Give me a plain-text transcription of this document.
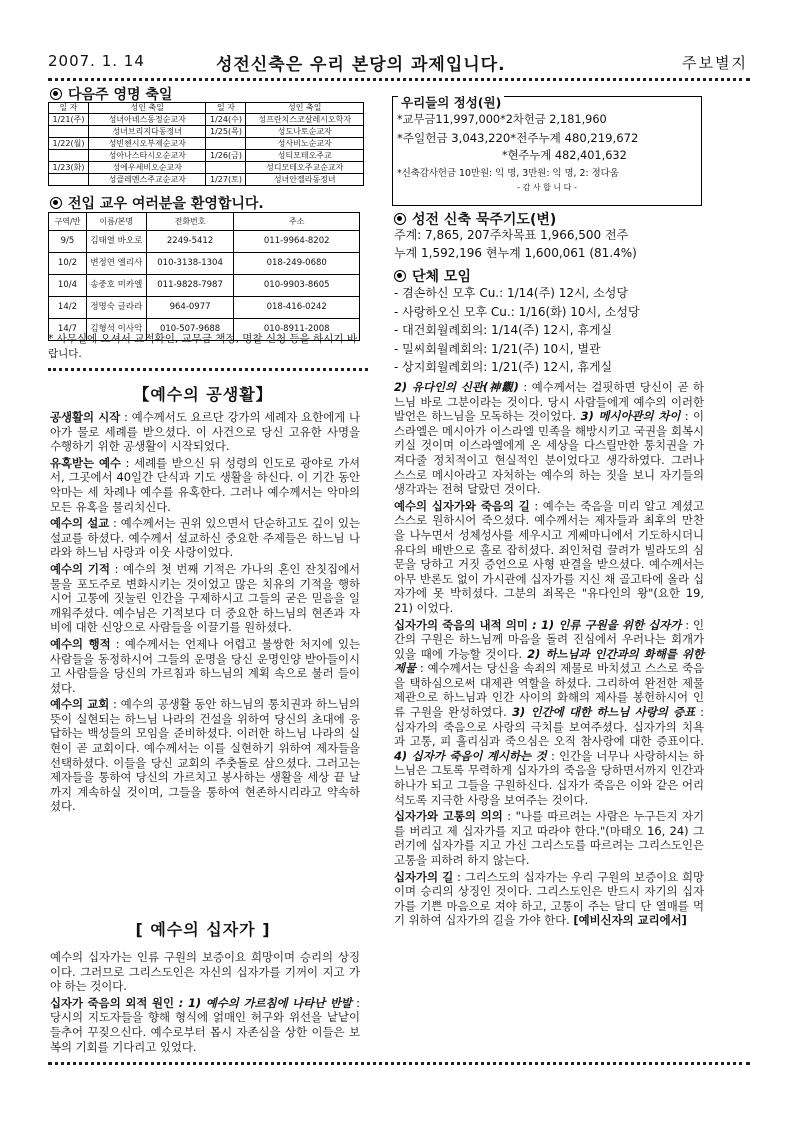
2007. 1. 14	성전신축은 우리 본당의 과제입니다.	주보별지
다음주 영명 축일
일 자	성인 축일	일 자	성인 축일
1/21(주)	성녀아녜스동정순교자	1/24(수)	성프란치스코살레시오학자
	성녀브리지다동정녀	1/25(목)	성도나토순교자
1/22(월)	성빈첸시오부제순교자		성사비노순교자
	성아나스타시오순교자	1/26(금)	성티모테오주교
1/23(화)	성에우세비오순교자		성디모테오주교순교자
	성클레멘스주교순교자	1/27(토)	성녀안젤라동정녀
우리들의 정성(원)
*교무금11,997,000*2차헌금 2,181,960
*주일헌금 3,043,220*전주누계 480,219,672
*현주누계 482,401,632
*신축감사헌금 10만원: 익 명, 3만원: 익 명, 2: 정다움
- 감 사 합 니 다 -
전입 교우 여러분을 환영합니다.
구역/반	이름/본명	전화번호	주소
9/5	김태열 바오로	2249-5412	011-9964-8202
10/2	변정연 엘리사	010-3138-1304	018-249-0680
10/4	송중호 미카엘	011-9828-7987	010-9903-8605
14/2	정명숙 글라라	964-0977	018-416-0242
14/7	김형석 이사악	010-507-9688	010-8911-2008
* 사무실에 오셔서 교적확인, 교무금 책정, 명찰 신청 등을 하시기 바랍니다.
성전 신축 묵주기도(변)
주계: 7,865, 207주차목표 1,966,500 전주
누계 1,592,196 현누계 1,600,061 (81.4%)
단체 모임
- 겸손하신 모후 Cu.: 1/14(주) 12시, 소성당
- 사랑하오신 모후 Cu.: 1/16(화) 10시, 소성당
- 대건회월례회의: 1/14(주) 12시, 휴게실
- 밀씨회월례회의: 1/21(주) 10시, 별관
- 상지회월례회의: 1/21(주) 12시, 휴게실
【예수의 공생활】

공생활의 시작 : 예수께서도 요르단 강가의 세례자 요한에게 나아가 물로 세례를 받으셨다. 이 사건으로 당신 고유한 사명을 수행하기 위한 공생활이 시작되었다.

유혹받는 예수 : 세례를 받으신 뒤 성령의 인도로 광야로 가셔서, 그곳에서 40일간 단식과 기도 생활을 하신다. 이 기간 동안 악마는 세 차례나 예수를 유혹한다. 그러나 예수께서는 악마의 모든 유혹을 물리치신다.

예수의 설교 : 예수께서는 권위 있으면서 단순하고도 깊이 있는 설교를 하셨다. 예수께서 설교하신 중요한 주제들은 하느님 나라와 하느님 사랑과 이웃 사랑이었다.

예수의 기적 : 예수의 첫 번째 기적은 가나의 혼인 잔칫집에서 물을 포도주로 변화시키는 것이었고 많은 치유의 기적을 행하시어 고통에 짓눌린 인간을 구제하시고 그들의 굳은 믿음을 일깨워주셨다. 예수님은 기적보다 더 중요한 하느님의 현존과 자비에 대한 신앙으로 사람들을 이끌기를 원하셨다.

예수의 행적 : 예수께서는 언제나 어렵고 불쌍한 처지에 있는 사람들을 동정하시어 그들의 운명을 당신 운명인양 받아들이시고 사람들을 당신의 가르침과 하느님의 계획 속으로 불러 들이셨다.

예수의 교회 : 예수의 공생활 동안 하느님의 통치권과 하느님의 뜻이 실현되는 하느님 나라의 건설을 위하여 당신의 초대에 응답하는 백성들의 모임을 준비하셨다. 이러한 하느님 나라의 실현이 곧 교회이다. 예수께서는 이를 실현하기 위하여 제자들을 선택하셨다. 이들을 당신 교회의 주춧돌로 삼으셨다. 그러고는 제자들을 통하여 당신의 가르치고 봉사하는 생활을 세상 끝 날까지 계속하실 것이며, 그들을 통하여 현존하시리라고 약속하셨다.

[ 예수의 십자가 ]

예수의 십자가는 인류 구원의 보증이요 희망이며 승리의 상징이다. 그러므로 그리스도인은 자신의 십자가를 기꺼이 지고 가야 하는 것이다.

십자가 죽음의 외적 원인 : 1) 예수의 가르침에 나타난 반발 : 당시의 지도자들을 향해 형식에 얽매인 허구와 위선을 낱낱이 들추어 꾸짖으신다. 예수로부터 몹시 자존심을 상한 이들은 보복의 기회를 기다리고 있었다.

2) 유다인의 신관(神觀) : 예수께서는 걸핏하면 당신이 곧 하느님 바로 그분이라는 것이다. 당시 사람들에게 예수의 이러한 발언은 하느님을 모독하는 것이었다. 3) 메시아관의 차이 : 이스라엘은 메시아가 이스라엘 민족을 해방시키고 국권을 회복시키실 것이며 이스라엘에게 온 세상을 다스릴만한 통치권을 가져다줄 정치적이고 현실적인 분이었다고 생각하였다. 그러나 스스로 메시아라고 자처하는 예수의 하는 짓을 보니 자기들의 생각과는 전혀 달랐던 것이다.

예수의 십자가와 죽음의 길 : 예수는 죽음을 미리 알고 계셨고 스스로 원하시어 죽으셨다. 예수께서는 제자들과 최후의 만찬을 나누면서 성체성사를 세우시고 게쎄마니에서 기도하시더니 유다의 배반으로 홀로 잡히셨다. 죄인처럼 끌려가 빌라도의 심문을 당하고 거짓 증언으로 사형 판결을 받으셨다. 예수께서는 아무 반론도 없이 가시관에 십자가를 지신 채 골고타에 올라 십자가에 못 박히셨다. 그분의 죄목은 "유다인의 왕"(요한 19, 21) 이었다.

십자가의 죽음의 내적 의미 : 1) 인류 구원을 위한 십자가 : 인간의 구원은 하느님께 마음을 돌려 진심에서 우러나는 회개가 있을 때에 가능할 것이다. 2) 하느님과 인간과의 화해를 위한 제물 : 예수께서는 당신을 속죄의 제물로 바치셨고 스스로 죽음을 택하심으로써 대제관 역할을 하셨다. 그리하여 완전한 제물 제관으로 하느님과 인간 사이의 화해의 제사를 봉헌하시어 인류 구원을 완성하였다. 3) 인간에 대한 하느님 사랑의 증표 : 십자가의 죽음으로 사랑의 극치를 보여주셨다. 십자가의 치욕과 고통, 피 흘리심과 죽으심은 오직 참사랑에 대한 증표이다. 4) 십자가 죽음이 계시하는 것 : 인간을 너무나 사랑하시는 하느님은 그토록 무력하게 십자가의 죽음을 당하면서까지 인간과 하나가 되고 그들을 구원하신다. 십자가 죽음은 이와 같은 어리석도록 지극한 사랑을 보여주는 것이다.

십자가와 고통의 의의 : "나를 따르려는 사람은 누구든지 자기를 버리고 제 십자가를 지고 따라야 한다."(마태오 16, 24) 그러기에 십자가를 지고 가신 그리스도를 따르려는 그리스도인은 고통을 피하려 하지 않는다.

십자가의 길 : 그리스도의 십자가는 우리 구원의 보증이요 희망이며 승리의 상징인 것이다. 그리스도인은 반드시 자기의 십자가를 기쁜 마음으로 져야 하고, 고통이 주는 달디 단 열매를 먹기 위하여 십자가의 길을 가야 한다. [예비신자의 교리에서]
